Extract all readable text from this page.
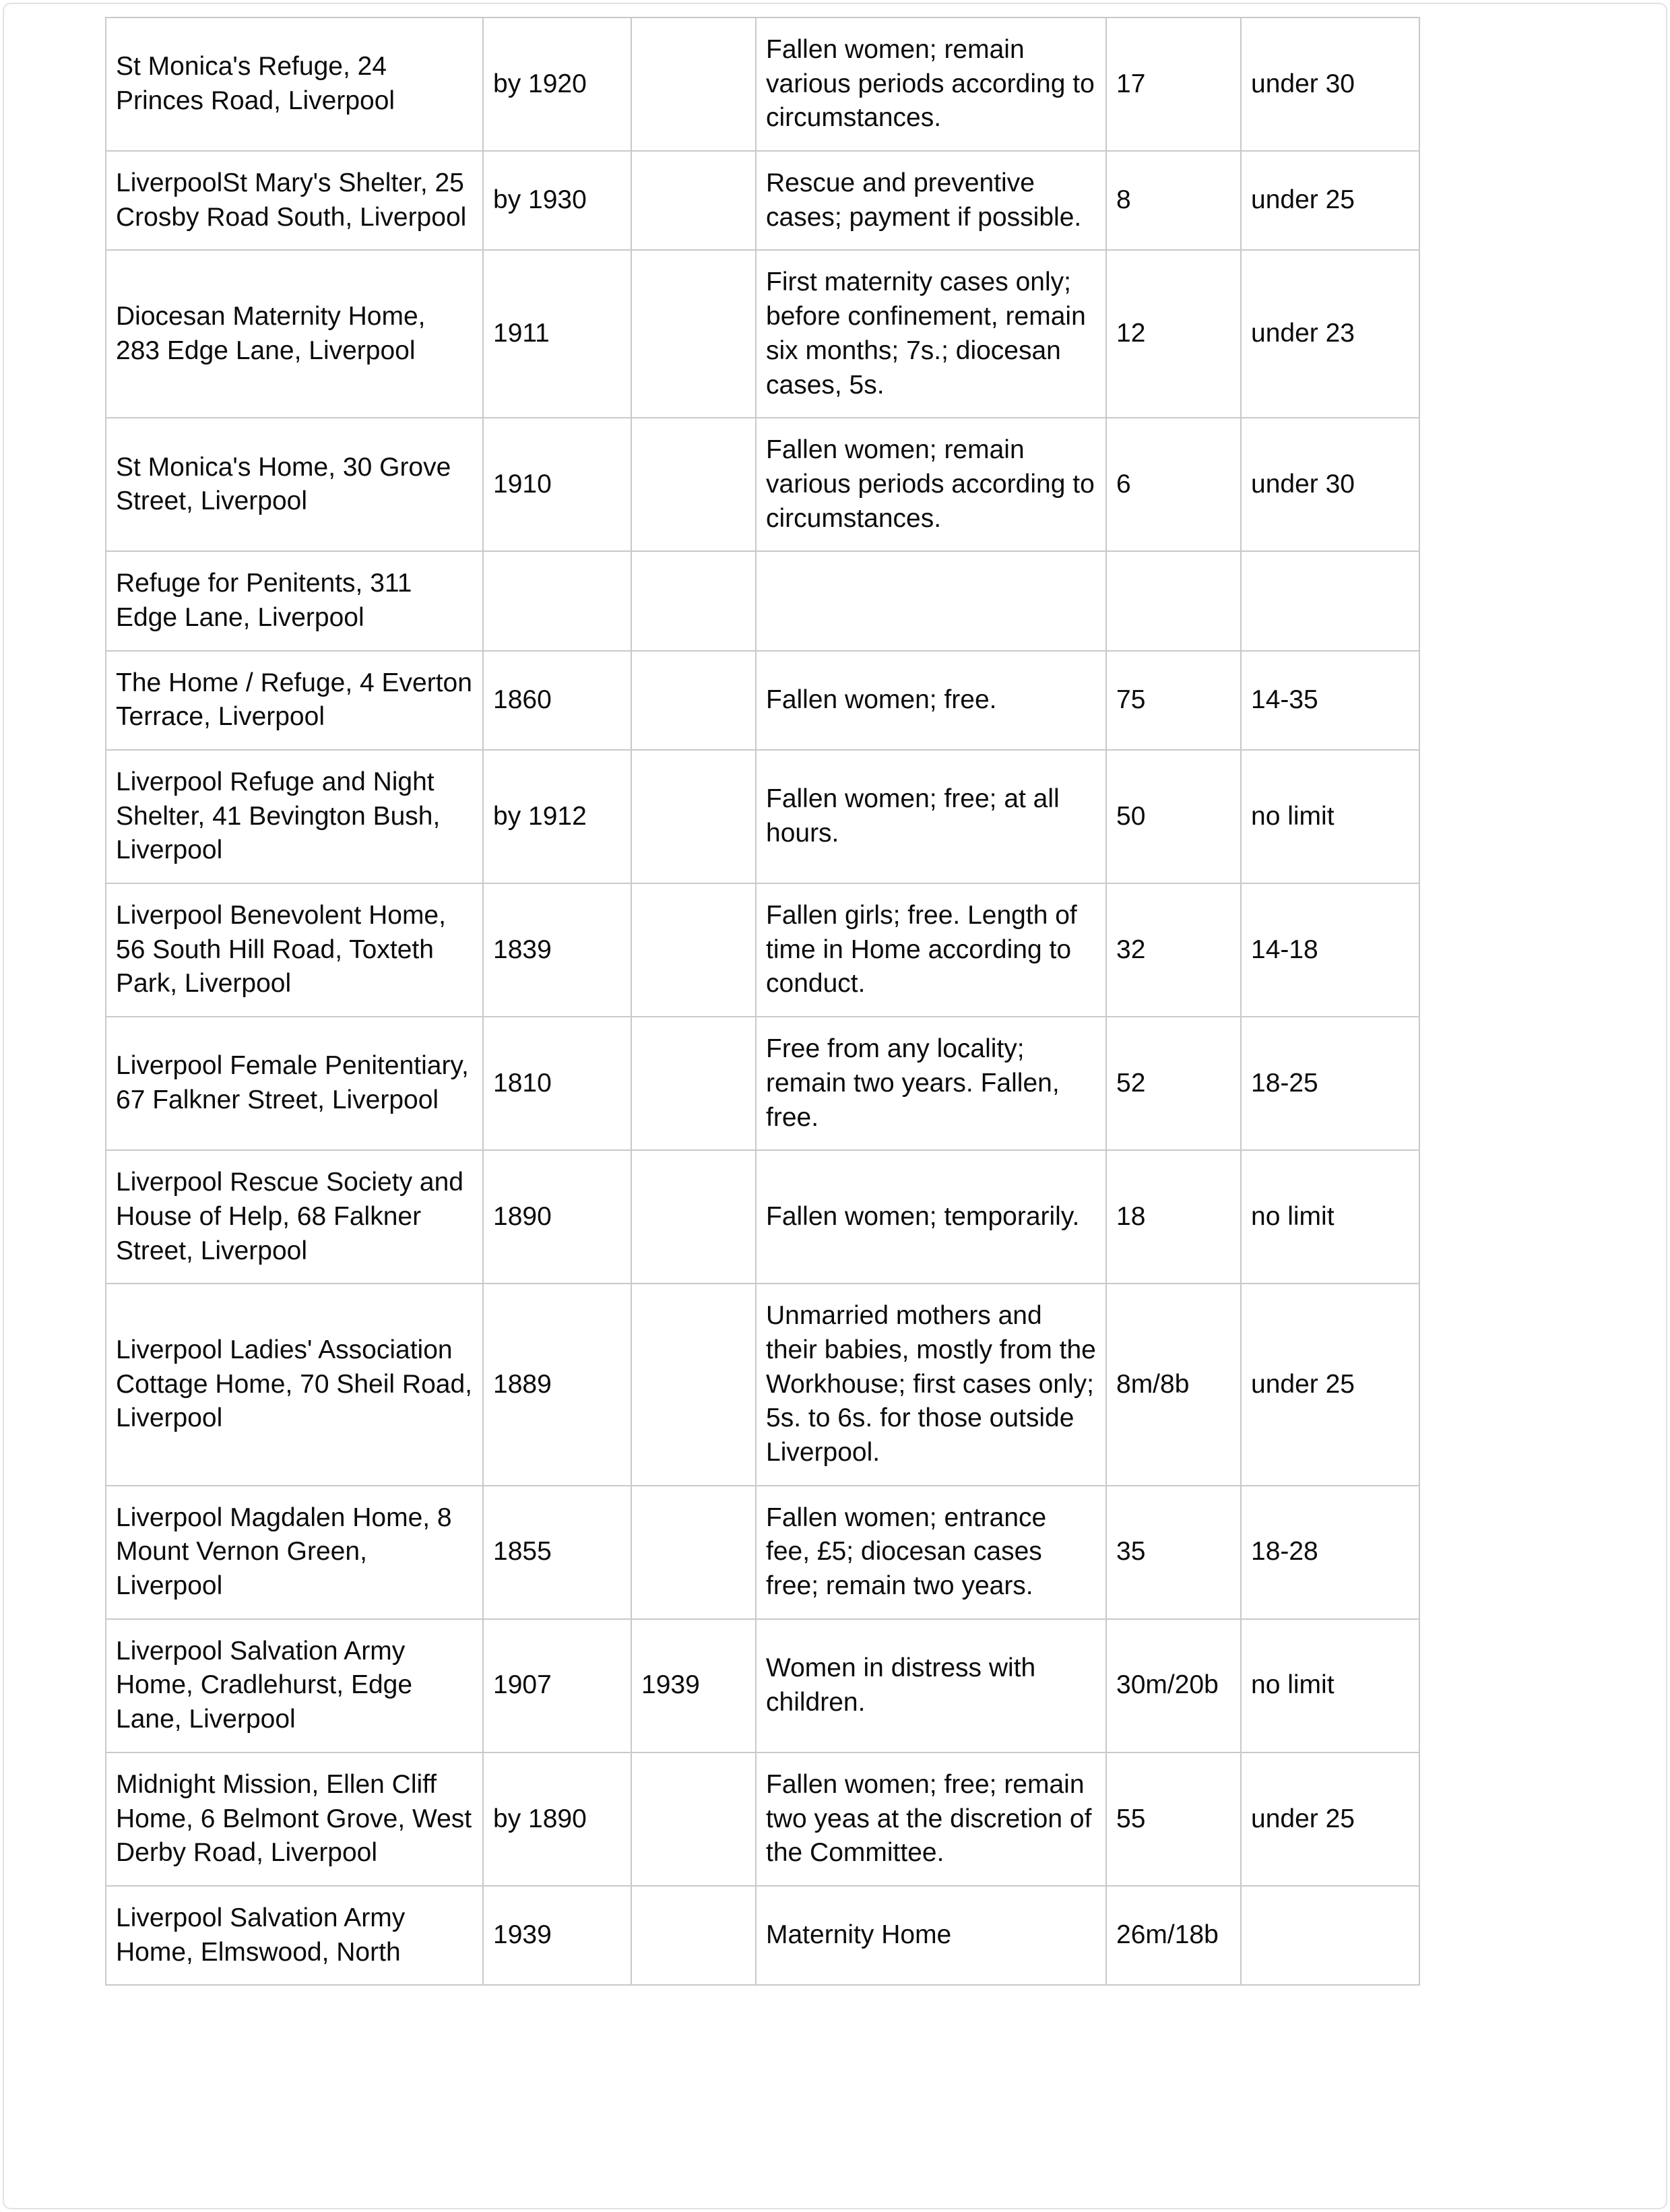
St Monica's Refuge, 24 Princes Road, Liverpool	by 1920		Fallen women; remain various periods according to circumstances.	17	under 30
LiverpoolSt Mary's Shelter, 25 Crosby Road South, Liverpool	by 1930		Rescue and preventive cases; payment if possible.	8	under 25
Diocesan Maternity Home, 283 Edge Lane, Liverpool	1911		First maternity cases only; before confinement, remain six months; 7s.; diocesan cases, 5s.	12	under 23
St Monica's Home, 30 Grove Street, Liverpool	1910		Fallen women; remain various periods according to circumstances.	6	under 30
Refuge for Penitents, 311 Edge Lane, Liverpool					
The Home / Refuge, 4 Everton Terrace, Liverpool	1860		Fallen women; free.	75	14-35
Liverpool Refuge and Night Shelter, 41 Bevington Bush, Liverpool	by 1912		Fallen women; free; at all hours.	50	no limit
Liverpool Benevolent Home, 56 South Hill Road, Toxteth Park, Liverpool	1839		Fallen girls; free. Length of time in Home according to conduct.	32	14-18
Liverpool Female Penitentiary, 67 Falkner Street, Liverpool	1810		Free from any locality; remain two years. Fallen, free.	52	18-25
Liverpool Rescue Society and House of Help, 68 Falkner Street, Liverpool	1890		Fallen women; temporarily.	18	no limit
Liverpool Ladies' Association Cottage Home, 70 Sheil Road, Liverpool	1889		Unmarried mothers and their babies, mostly from the Workhouse; first cases only; 5s. to 6s. for those outside Liverpool.	8m/8b	under 25
Liverpool Magdalen Home, 8 Mount Vernon Green, Liverpool	1855		Fallen women; entrance fee, £5; diocesan cases free; remain two years.	35	18-28
Liverpool Salvation Army Home, Cradlehurst, Edge Lane, Liverpool	1907	1939	Women in distress with children.	30m/20b	no limit
Midnight Mission, Ellen Cliff Home, 6 Belmont Grove, West Derby Road, Liverpool	by 1890		Fallen women; free; remain two yeas at the discretion of the Committee.	55	under 25
Liverpool Salvation Army Home, Elmswood, North	1939		Maternity Home	26m/18b	
